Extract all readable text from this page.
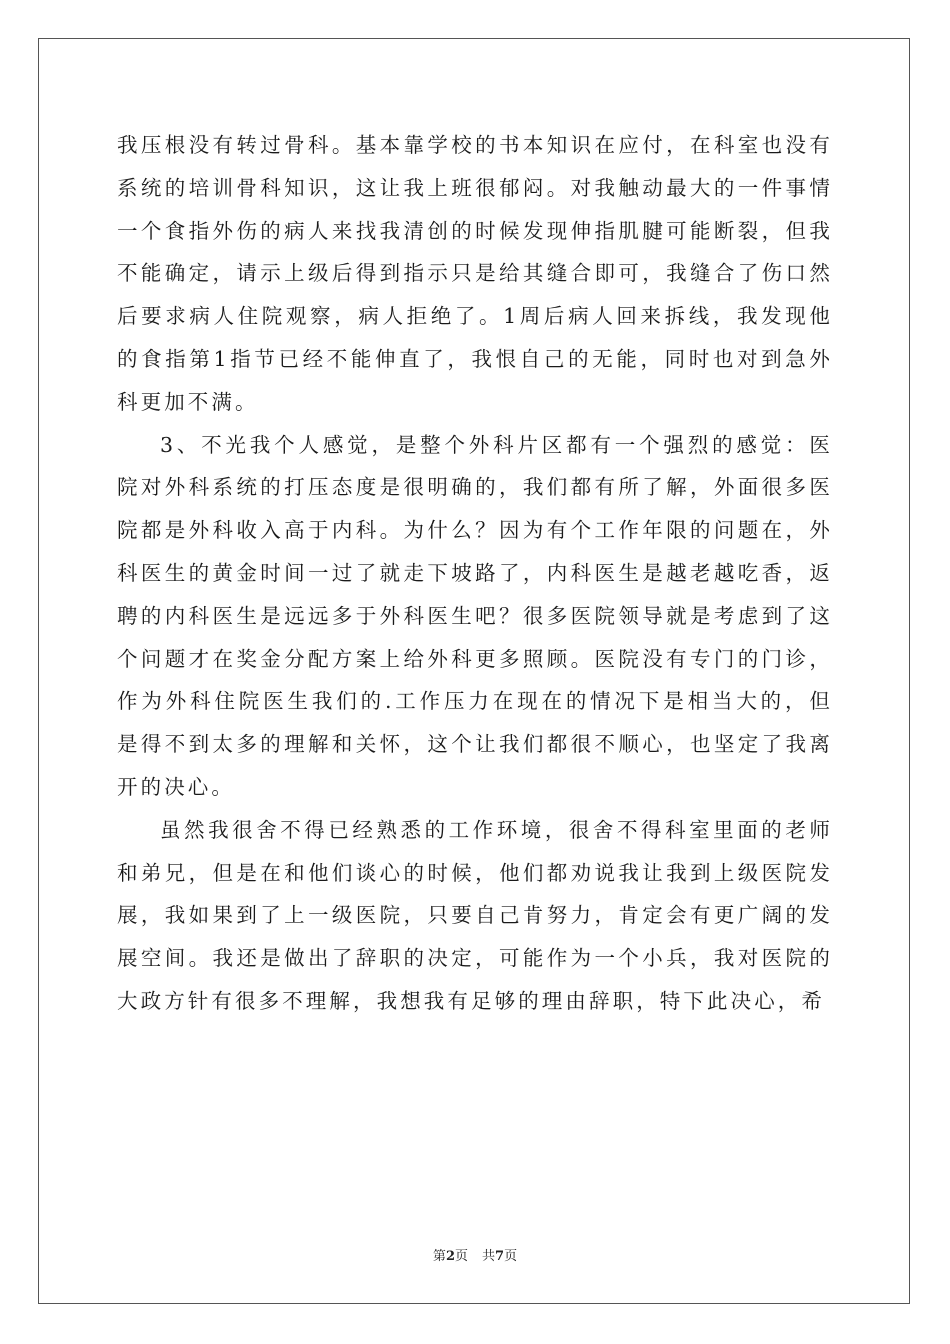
我压根没有转过骨科。基本靠学校的书本知识在应付，在科室也没有系统的培训骨科知识，这让我上班很郁闷。对我触动最大的一件事情一个食指外伤的病人来找我清创的时候发现伸指肌腱可能断裂，但我不能确定，请示上级后得到指示只是给其缝合即可，我缝合了伤口然后要求病人住院观察，病人拒绝了。1周后病人回来拆线，我发现他的食指第1指节已经不能伸直了，我恨自己的无能，同时也对到急外科更加不满。

3、不光我个人感觉，是整个外科片区都有一个强烈的感觉：医院对外科系统的打压态度是很明确的，我们都有所了解，外面很多医院都是外科收入高于内科。为什么？因为有个工作年限的问题在，外科医生的黄金时间一过了就走下坡路了，内科医生是越老越吃香，返聘的内科医生是远远多于外科医生吧？很多医院领导就是考虑到了这个问题才在奖金分配方案上给外科更多照顾。医院没有专门的门诊，作为外科住院医生我们的.工作压力在现在的情况下是相当大的，但是得不到太多的理解和关怀，这个让我们都很不顺心，也坚定了我离开的决心。

虽然我很舍不得已经熟悉的工作环境，很舍不得科室里面的老师和弟兄，但是在和他们谈心的时候，他们都劝说我让我到上级医院发展，我如果到了上一级医院，只要自己肯努力，肯定会有更广阔的发展空间。我还是做出了辞职的决定，可能作为一个小兵，我对医院的大政方针有很多不理解，我想我有足够的理由辞职，特下此决心，希

第2页 共7页
